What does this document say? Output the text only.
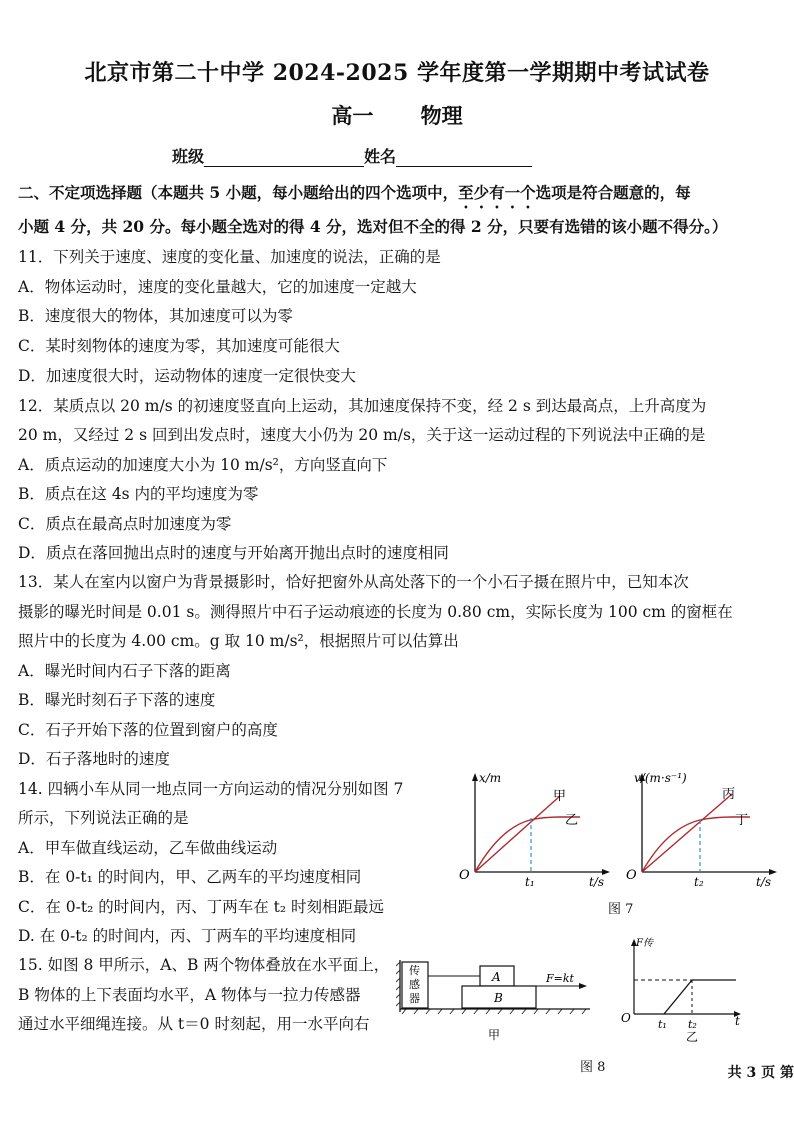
北京市第二十中学 2024-2025 学年度第一学期期中考试试卷
高一 物理
班级	姓名
二、不定项选择题（本题共 5 小题，每小题给出的四个选项中，至少有一个选项是符合题意的，每
小题 4 分，共 20 分。每小题全选对的得 4 分，选对但不全的得 2 分，只要有选错的该小题不得分。）
11．下列关于速度、速度的变化量、加速度的说法，正确的是
A．物体运动时，速度的变化量越大，它的加速度一定越大
B．速度很大的物体，其加速度可以为零
C．某时刻物体的速度为零，其加速度可能很大
D．加速度很大时，运动物体的速度一定很快变大
12．某质点以 20 m/s 的初速度竖直向上运动，其加速度保持不变，经 2 s 到达最高点，上升高度为
20 m，又经过 2 s 回到出发点时，速度大小仍为 20 m/s，关于这一运动过程的下列说法中正确的是
A．质点运动的加速度大小为 10 m/s²，方向竖直向下
B．质点在这 4s 内的平均速度为零
C．质点在最高点时加速度为零
D．质点在落回抛出点时的速度与开始离开抛出点时的速度相同
13．某人在室内以窗户为背景摄影时，恰好把窗外从高处落下的一个小石子摄在照片中，已知本次
摄影的曝光时间是 0.01 s。测得照片中石子运动痕迹的长度为 0.80 cm，实际长度为 100 cm 的窗框在
照片中的长度为 4.00 cm。g 取 10 m/s²，根据照片可以估算出
A．曝光时间内石子下落的距离
B．曝光时刻石子下落的速度
C．石子开始下落的位置到窗户的高度
D．石子落地时的速度
14. 四辆小车从同一地点同一方向运动的情况分别如图 7
所示，下列说法正确的是
A．甲车做直线运动，乙车做曲线运动
B．在 0-t₁ 的时间内，甲、乙两车的平均速度相同
C．在 0-t₂ 的时间内，丙、丁两车在 t₂ 时刻相距最远
D. 在 0-t₂ 的时间内，丙、丁两车的平均速度相同
15. 如图 8 甲所示，A、B 两个物体叠放在水平面上，
B 物体的上下表面均水平，A 物体与一拉力传感器
通过水平细绳连接。从 t＝0 时刻起，用一水平向右
x/m
O	t₁	t/s
甲
乙
v/(m·s⁻¹)
O	t₂	t/s
丙
丁
图 7
传 感 器
A
B
F=kt
甲
F传
O t₁ t₂	t
乙
图 8	共 3 页 第
